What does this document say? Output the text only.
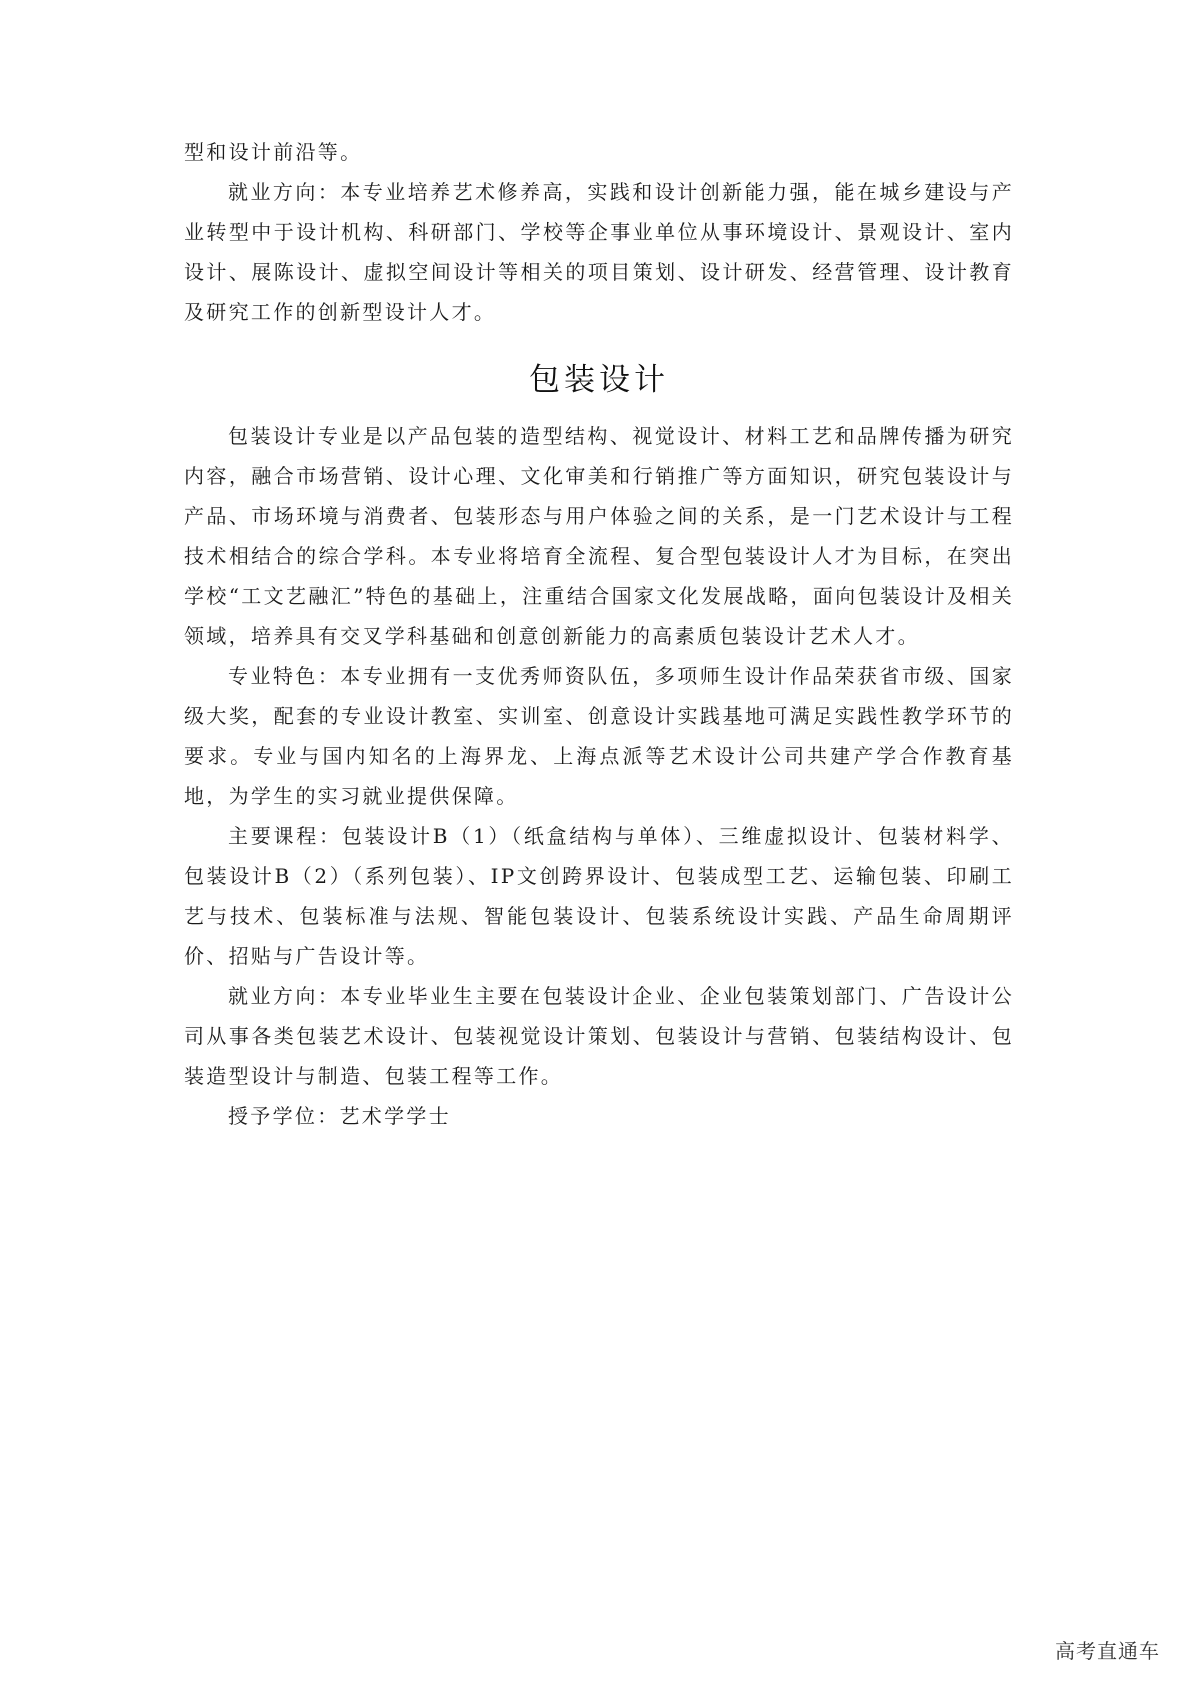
型和设计前沿等。

就业方向：本专业培养艺术修养高，实践和设计创新能力强，能在城乡建设与产业转型中于设计机构、科研部门、学校等企事业单位从事环境设计、景观设计、室内设计、展陈设计、虚拟空间设计等相关的项目策划、设计研发、经营管理、设计教育及研究工作的创新型设计人才。

包装设计

包装设计专业是以产品包装的造型结构、视觉设计、材料工艺和品牌传播为研究内容，融合市场营销、设计心理、文化审美和行销推广等方面知识，研究包装设计与产品、市场环境与消费者、包装形态与用户体验之间的关系，是一门艺术设计与工程技术相结合的综合学科。本专业将培育全流程、复合型包装设计人才为目标，在突出学校“工文艺融汇”特色的基础上，注重结合国家文化发展战略，面向包装设计及相关领域，培养具有交叉学科基础和创意创新能力的高素质包装设计艺术人才。

专业特色：本专业拥有一支优秀师资队伍，多项师生设计作品荣获省市级、国家级大奖，配套的专业设计教室、实训室、创意设计实践基地可满足实践性教学环节的要求。专业与国内知名的上海界龙、上海点派等艺术设计公司共建产学合作教育基地，为学生的实习就业提供保障。

主要课程：包装设计B（1）（纸盒结构与单体）、三维虚拟设计、包装材料学、包装设计B（2）（系列包装）、IP文创跨界设计、包装成型工艺、运输包装、印刷工艺与技术、包装标准与法规、智能包装设计、包装系统设计实践、产品生命周期评价、招贴与广告设计等。

就业方向：本专业毕业生主要在包装设计企业、企业包装策划部门、广告设计公司从事各类包装艺术设计、包装视觉设计策划、包装设计与营销、包装结构设计、包装造型设计与制造、包装工程等工作。

授予学位：艺术学学士

高考直通车
